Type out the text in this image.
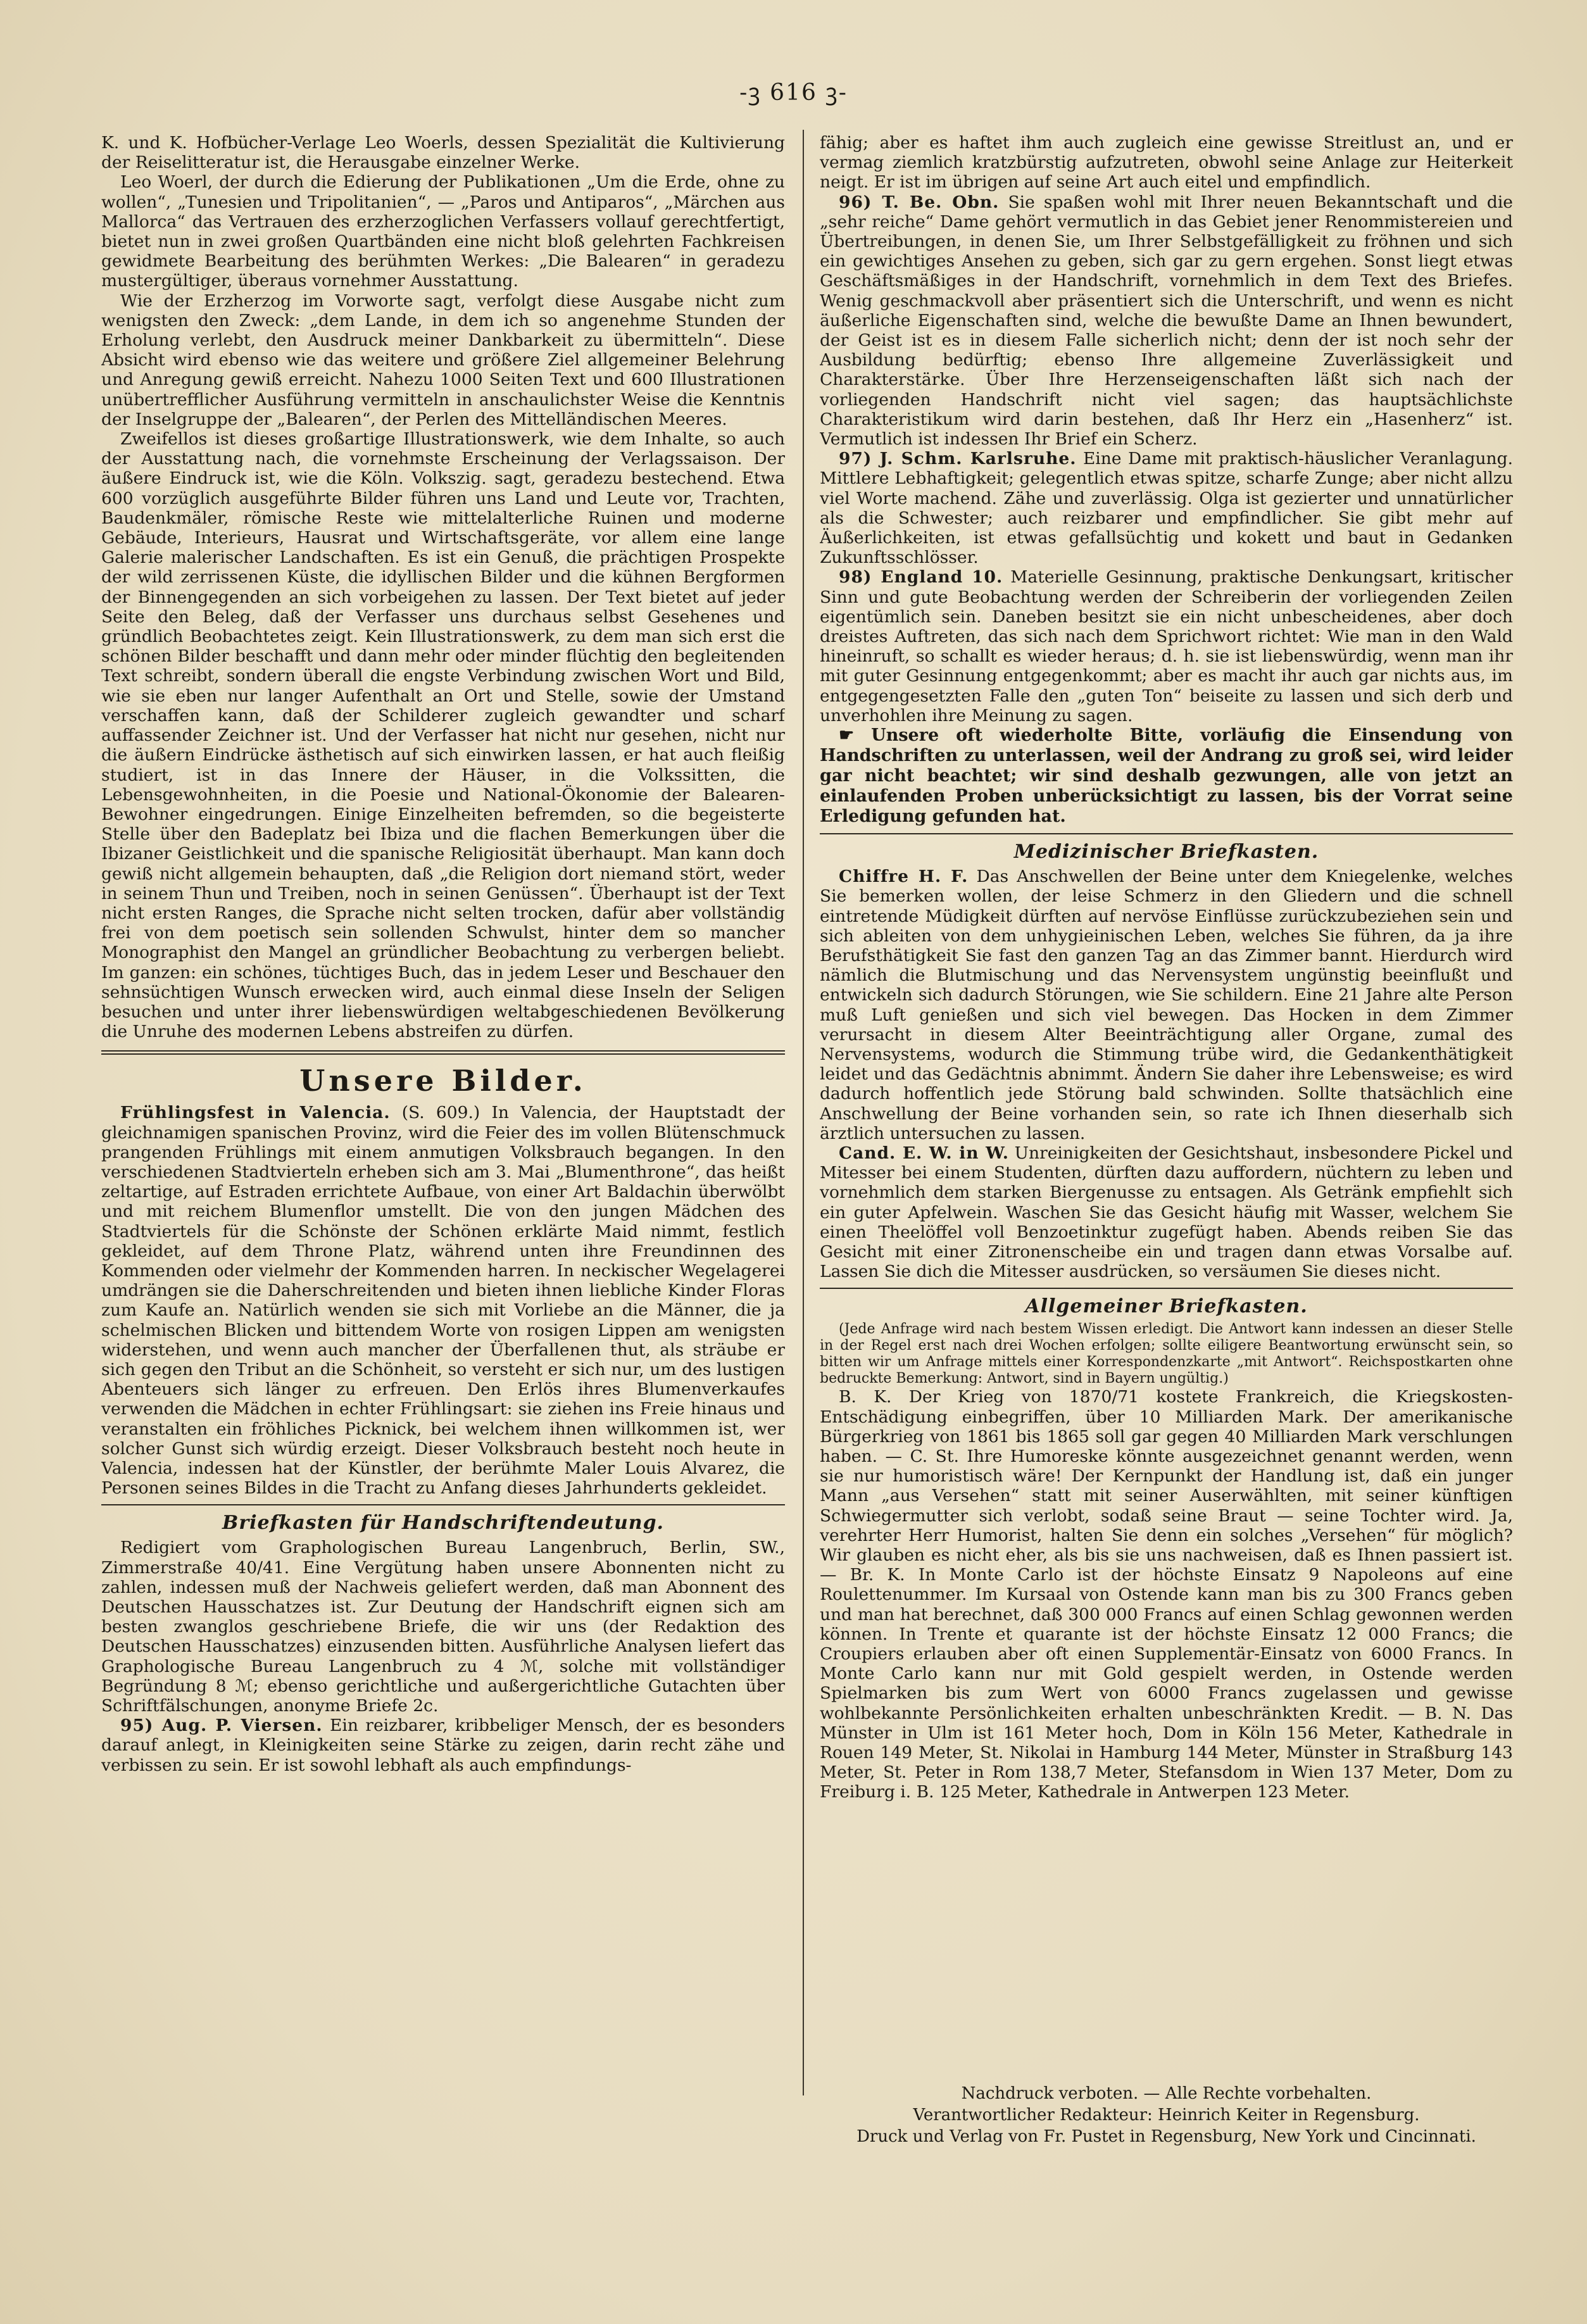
-ꝫ 616 ꝫ-

K. und K. Hofbücher-Verlage Leo Woerls, dessen Spezialität die Kultivierung der Reiselitteratur ist, die Herausgabe einzelner Werke.

Leo Woerl, der durch die Edierung der Publikationen „Um die Erde, ohne zu wollen“, „Tunesien und Tripolitanien“, — „Paros und Antiparos“, „Märchen aus Mallorca“ das Vertrauen des erzherzoglichen Verfassers vollauf gerechtfertigt, bietet nun in zwei großen Quartbänden eine nicht bloß gelehrten Fachkreisen gewidmete Bearbeitung des berühmten Werkes: „Die Balearen“ in geradezu mustergültiger, überaus vornehmer Ausstattung.

Wie der Erzherzog im Vorworte sagt, verfolgt diese Ausgabe nicht zum wenigsten den Zweck: „dem Lande, in dem ich so angenehme Stunden der Erholung verlebt, den Ausdruck meiner Dankbarkeit zu übermitteln“. Diese Absicht wird ebenso wie das weitere und größere Ziel allgemeiner Belehrung und Anregung gewiß erreicht. Nahezu 1000 Seiten Text und 600 Illustrationen unübertrefflicher Ausführung vermitteln in anschaulichster Weise die Kenntnis der Inselgruppe der „Balearen“, der Perlen des Mittelländischen Meeres.

Zweifellos ist dieses großartige Illustrationswerk, wie dem Inhalte, so auch der Ausstattung nach, die vornehmste Erscheinung der Verlagssaison. Der äußere Eindruck ist, wie die Köln. Volkszig. sagt, geradezu bestechend. Etwa 600 vorzüglich ausgeführte Bilder führen uns Land und Leute vor, Trachten, Baudenkmäler, römische Reste wie mittelalterliche Ruinen und moderne Gebäude, Interieurs, Hausrat und Wirtschaftsgeräte, vor allem eine lange Galerie malerischer Landschaften. Es ist ein Genuß, die prächtigen Prospekte der wild zerrissenen Küste, die idyllischen Bilder und die kühnen Bergformen der Binnengegenden an sich vorbeigehen zu lassen. Der Text bietet auf jeder Seite den Beleg, daß der Verfasser uns durchaus selbst Gesehenes und gründlich Beobachtetes zeigt. Kein Illustrationswerk, zu dem man sich erst die schönen Bilder beschafft und dann mehr oder minder flüchtig den begleitenden Text schreibt, sondern überall die engste Verbindung zwischen Wort und Bild, wie sie eben nur langer Aufenthalt an Ort und Stelle, sowie der Umstand verschaffen kann, daß der Schilderer zugleich gewandter und scharf auffassender Zeichner ist. Und der Verfasser hat nicht nur gesehen, nicht nur die äußern Eindrücke ästhetisch auf sich einwirken lassen, er hat auch fleißig studiert, ist in das Innere der Häuser, in die Volkssitten, die Lebensgewohnheiten, in die Poesie und National-Ökonomie der Balearen-Bewohner eingedrungen. Einige Einzelheiten befremden, so die begeisterte Stelle über den Badeplatz bei Ibiza und die flachen Bemerkungen über die Ibizaner Geistlichkeit und die spanische Religiosität überhaupt. Man kann doch gewiß nicht allgemein behaupten, daß „die Religion dort niemand stört, weder in seinem Thun und Treiben, noch in seinen Genüssen“. Überhaupt ist der Text nicht ersten Ranges, die Sprache nicht selten trocken, dafür aber vollständig frei von dem poetisch sein sollenden Schwulst, hinter dem so mancher Monographist den Mangel an gründlicher Beobachtung zu verbergen beliebt. Im ganzen: ein schönes, tüchtiges Buch, das in jedem Leser und Beschauer den sehnsüchtigen Wunsch erwecken wird, auch einmal diese Inseln der Seligen besuchen und unter ihrer liebenswürdigen weltabgeschiedenen Bevölkerung die Unruhe des modernen Lebens abstreifen zu dürfen.

Unsere Bilder.

Frühlingsfest in Valencia. (S. 609.) In Valencia, der Hauptstadt der gleichnamigen spanischen Provinz, wird die Feier des im vollen Blütenschmuck prangenden Frühlings mit einem anmutigen Volksbrauch begangen. In den verschiedenen Stadtvierteln erheben sich am 3. Mai „Blumenthrone“, das heißt zeltartige, auf Estraden errichtete Aufbaue, von einer Art Baldachin überwölbt und mit reichem Blumenflor umstellt. Die von den jungen Mädchen des Stadtviertels für die Schönste der Schönen erklärte Maid nimmt, festlich gekleidet, auf dem Throne Platz, während unten ihre Freundinnen des Kommenden oder vielmehr der Kommenden harren. In neckischer Wegelagerei umdrängen sie die Daherschreitenden und bieten ihnen liebliche Kinder Floras zum Kaufe an. Natürlich wenden sie sich mit Vorliebe an die Männer, die ja schelmischen Blicken und bittendem Worte von rosigen Lippen am wenigsten widerstehen, und wenn auch mancher der Überfallenen thut, als sträube er sich gegen den Tribut an die Schönheit, so versteht er sich nur, um des lustigen Abenteuers sich länger zu erfreuen. Den Erlös ihres Blumenverkaufes verwenden die Mädchen in echter Frühlingsart: sie ziehen ins Freie hinaus und veranstalten ein fröhliches Picknick, bei welchem ihnen willkommen ist, wer solcher Gunst sich würdig erzeigt. Dieser Volksbrauch besteht noch heute in Valencia, indessen hat der Künstler, der berühmte Maler Louis Alvarez, die Personen seines Bildes in die Tracht zu Anfang dieses Jahrhunderts gekleidet.

Briefkasten für Handschriftendeutung.

Redigiert vom Graphologischen Bureau Langenbruch, Berlin, SW., Zimmerstraße 40/41. Eine Vergütung haben unsere Abonnenten nicht zu zahlen, indessen muß der Nachweis geliefert werden, daß man Abonnent des Deutschen Hausschatzes ist. Zur Deutung der Handschrift eignen sich am besten zwanglos geschriebene Briefe, die wir uns (der Redaktion des Deutschen Hausschatzes) einzusenden bitten. Ausführliche Analysen liefert das Graphologische Bureau Langenbruch zu 4 ℳ, solche mit vollständiger Begründung 8 ℳ; ebenso gerichtliche und außergerichtliche Gutachten über Schriftfälschungen, anonyme Briefe 2c.

95) Aug. P. Viersen. Ein reizbarer, kribbeliger Mensch, der es besonders darauf anlegt, in Kleinigkeiten seine Stärke zu zeigen, darin recht zähe und verbissen zu sein. Er ist sowohl lebhaft als auch empfindungs-

fähig; aber es haftet ihm auch zugleich eine gewisse Streitlust an, und er vermag ziemlich kratzbürstig aufzutreten, obwohl seine Anlage zur Heiterkeit neigt. Er ist im übrigen auf seine Art auch eitel und empfindlich.

96) T. Be. Obn. Sie spaßen wohl mit Ihrer neuen Bekanntschaft und die „sehr reiche“ Dame gehört vermutlich in das Gebiet jener Renommistereien und Übertreibungen, in denen Sie, um Ihrer Selbstgefälligkeit zu fröhnen und sich ein gewichtiges Ansehen zu geben, sich gar zu gern ergehen. Sonst liegt etwas Geschäftsmäßiges in der Handschrift, vornehmlich in dem Text des Briefes. Wenig geschmackvoll aber präsentiert sich die Unterschrift, und wenn es nicht äußerliche Eigenschaften sind, welche die bewußte Dame an Ihnen bewundert, der Geist ist es in diesem Falle sicherlich nicht; denn der ist noch sehr der Ausbildung bedürftig; ebenso Ihre allgemeine Zuverlässigkeit und Charakterstärke. Über Ihre Herzenseigenschaften läßt sich nach der vorliegenden Handschrift nicht viel sagen; das hauptsächlichste Charakteristikum wird darin bestehen, daß Ihr Herz ein „Hasenherz“ ist. Vermutlich ist indessen Ihr Brief ein Scherz.

97) J. Schm. Karlsruhe. Eine Dame mit praktisch-häuslicher Veranlagung. Mittlere Lebhaftigkeit; gelegentlich etwas spitze, scharfe Zunge; aber nicht allzu viel Worte machend. Zähe und zuverlässig. Olga ist gezierter und unnatürlicher als die Schwester; auch reizbarer und empfindlicher. Sie gibt mehr auf Äußerlichkeiten, ist etwas gefallsüchtig und kokett und baut in Gedanken Zukunftsschlösser.

98) England 10. Materielle Gesinnung, praktische Denkungsart, kritischer Sinn und gute Beobachtung werden der Schreiberin der vorliegenden Zeilen eigentümlich sein. Daneben besitzt sie ein nicht unbescheidenes, aber doch dreistes Auftreten, das sich nach dem Sprichwort richtet: Wie man in den Wald hineinruft, so schallt es wieder heraus; d. h. sie ist liebenswürdig, wenn man ihr mit guter Gesinnung entgegenkommt; aber es macht ihr auch gar nichts aus, im entgegengesetzten Falle den „guten Ton“ beiseite zu lassen und sich derb und unverhohlen ihre Meinung zu sagen.

☛ Unsere oft wiederholte Bitte, vorläufig die Einsendung von Handschriften zu unterlassen, weil der Andrang zu groß sei, wird leider gar nicht beachtet; wir sind deshalb gezwungen, alle von jetzt an einlaufenden Proben unberücksichtigt zu lassen, bis der Vorrat seine Erledigung gefunden hat.

Medizinischer Briefkasten.

Chiffre H. F. Das Anschwellen der Beine unter dem Kniegelenke, welches Sie bemerken wollen, der leise Schmerz in den Gliedern und die schnell eintretende Müdigkeit dürften auf nervöse Einflüsse zurückzubeziehen sein und sich ableiten von dem unhygieinischen Leben, welches Sie führen, da ja ihre Berufsthätigkeit Sie fast den ganzen Tag an das Zimmer bannt. Hierdurch wird nämlich die Blutmischung und das Nervensystem ungünstig beeinflußt und entwickeln sich dadurch Störungen, wie Sie schildern. Eine 21 Jahre alte Person muß Luft genießen und sich viel bewegen. Das Hocken in dem Zimmer verursacht in diesem Alter Beeinträchtigung aller Organe, zumal des Nervensystems, wodurch die Stimmung trübe wird, die Gedankenthätigkeit leidet und das Gedächtnis abnimmt. Ändern Sie daher ihre Lebensweise; es wird dadurch hoffentlich jede Störung bald schwinden. Sollte thatsächlich eine Anschwellung der Beine vorhanden sein, so rate ich Ihnen dieserhalb sich ärztlich untersuchen zu lassen.

Cand. E. W. in W. Unreinigkeiten der Gesichtshaut, insbesondere Pickel und Mitesser bei einem Studenten, dürften dazu auffordern, nüchtern zu leben und vornehmlich dem starken Biergenusse zu entsagen. Als Getränk empfiehlt sich ein guter Apfelwein. Waschen Sie das Gesicht häufig mit Wasser, welchem Sie einen Theelöffel voll Benzoetinktur zugefügt haben. Abends reiben Sie das Gesicht mit einer Zitronenscheibe ein und tragen dann etwas Vorsalbe auf. Lassen Sie dich die Mitesser ausdrücken, so versäumen Sie dieses nicht.

Allgemeiner Briefkasten.

(Jede Anfrage wird nach bestem Wissen erledigt. Die Antwort kann indessen an dieser Stelle in der Regel erst nach drei Wochen erfolgen; sollte eiligere Beantwortung erwünscht sein, so bitten wir um Anfrage mittels einer Korrespondenzkarte „mit Antwort“. Reichspostkarten ohne bedruckte Bemerkung: Antwort, sind in Bayern ungültig.)

B. K. Der Krieg von 1870/71 kostete Frankreich, die Kriegskosten-Entschädigung einbegriffen, über 10 Milliarden Mark. Der amerikanische Bürgerkrieg von 1861 bis 1865 soll gar gegen 40 Milliarden Mark verschlungen haben. — C. St. Ihre Humoreske könnte ausgezeichnet genannt werden, wenn sie nur humoristisch wäre! Der Kernpunkt der Handlung ist, daß ein junger Mann „aus Versehen“ statt mit seiner Auserwählten, mit seiner künftigen Schwiegermutter sich verlobt, sodaß seine Braut — seine Tochter wird. Ja, verehrter Herr Humorist, halten Sie denn ein solches „Versehen“ für möglich? Wir glauben es nicht eher, als bis sie uns nachweisen, daß es Ihnen passiert ist. — Br. K. In Monte Carlo ist der höchste Einsatz 9 Napoleons auf eine Roulettenummer. Im Kursaal von Ostende kann man bis zu 300 Francs geben und man hat berechnet, daß 300 000 Francs auf einen Schlag gewonnen werden können. In Trente et quarante ist der höchste Einsatz 12 000 Francs; die Croupiers erlauben aber oft einen Supplementär-Einsatz von 6000 Francs. In Monte Carlo kann nur mit Gold gespielt werden, in Ostende werden Spielmarken bis zum Wert von 6000 Francs zugelassen und gewisse wohlbekannte Persönlichkeiten erhalten unbeschränkten Kredit. — B. N. Das Münster in Ulm ist 161 Meter hoch, Dom in Köln 156 Meter, Kathedrale in Rouen 149 Meter, St. Nikolai in Hamburg 144 Meter, Münster in Straßburg 143 Meter, St. Peter in Rom 138,7 Meter, Stefansdom in Wien 137 Meter, Dom zu Freiburg i. B. 125 Meter, Kathedrale in Antwerpen 123 Meter.

Nachdruck verboten. — Alle Rechte vorbehalten.
Verantwortlicher Redakteur: Heinrich Keiter in Regensburg.
Druck und Verlag von Fr. Pustet in Regensburg, New York und Cincinnati.
